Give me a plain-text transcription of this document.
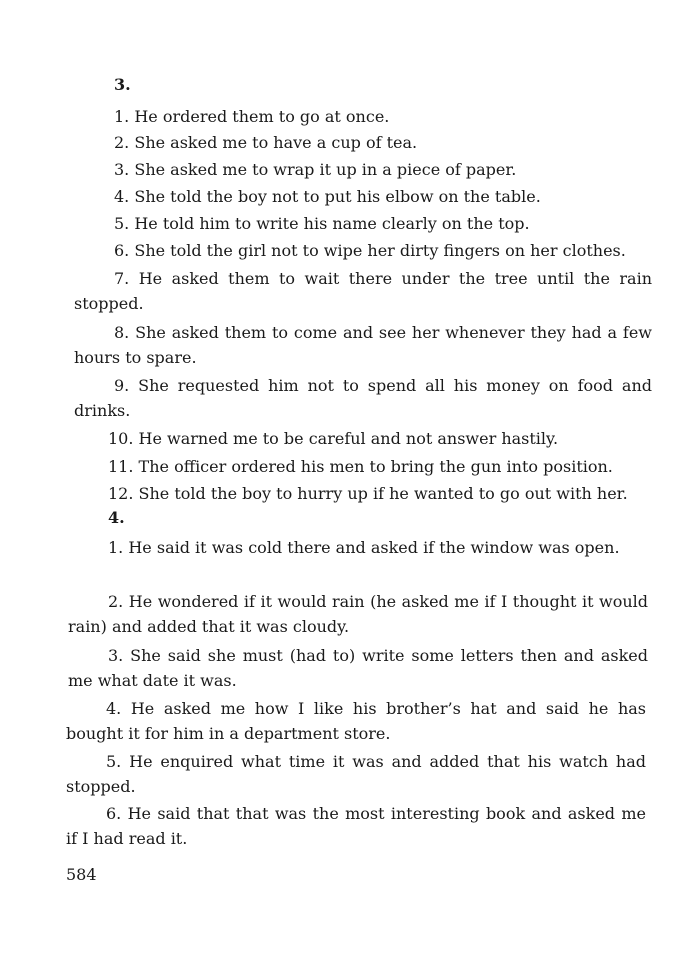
3.
1. He ordered them to go at once.
2. She asked me to have a cup of tea.
3. She asked me to wrap it up in a piece of paper.
4. She told the boy not to put his elbow on the table.
5. He told him to write his name clearly on the top.
6. She told the girl not to wipe her dirty fingers on her clothes.
7. He asked them to wait there under the tree until the rain stopped.
8. She asked them to come and see her whenever they had a few hours to spare.
9. She requested him not to spend all his money on food and drinks.
10. He warned me to be careful and not answer hastily.
11. The officer ordered his men to bring the gun into position.
12. She told the boy to hurry up if he wanted to go out with her.
4.
1. He said it was cold there and asked if the window was open.
2. He wondered if it would rain (he asked me if I thought it would rain) and added that it was cloudy.
3. She said she must (had to) write some letters then and asked me what date it was.
4. He asked me how I like his brother’s hat and said he has bought it for him in a department store.
5. He enquired what time it was and added that his watch had stopped.
6. He said that that was the most interesting book and asked me if I had read it.
584
